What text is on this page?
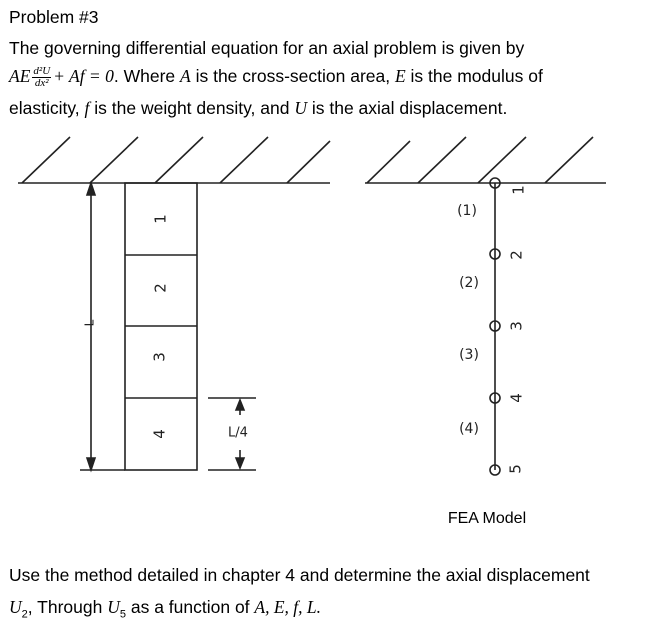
Problem #3
The governing differential equation for an axial problem is given by
AE $\frac{\text{d²U}}{\text{dx²}} + Af = 0$. Where A is the cross-section area, E is the modulus of
elasticity, f is the weight density, and U is the axial displacement.
1
2
3
4
L
L/4
(1)
(2)
(3)
(4)
1
2
3
4
5
FEA Model
Use the method detailed in chapter 4 and determine the axial displacement
$U_2$, Through $U_5$ as a function of A, E, f, L.
